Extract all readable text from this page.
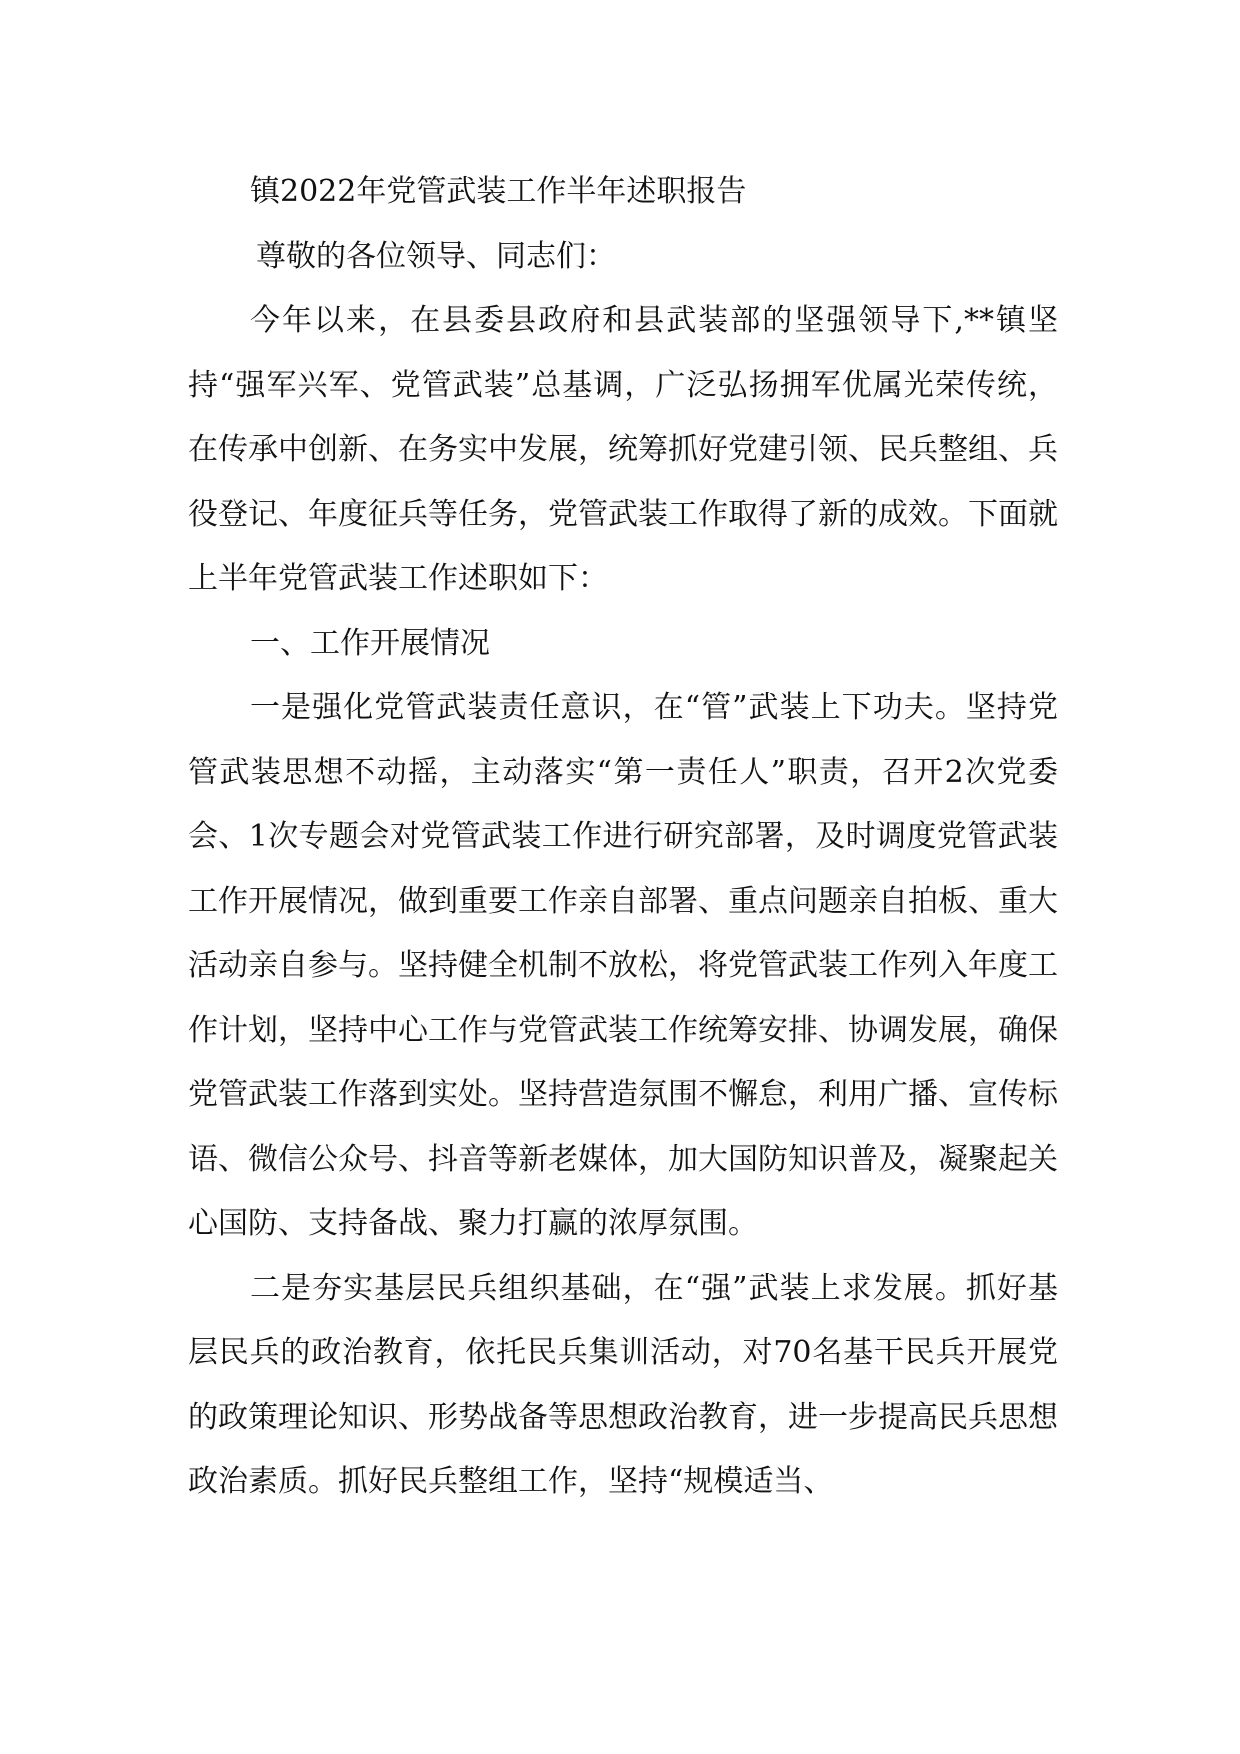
镇2022年党管武装工作半年述职报告

尊敬的各位领导、同志们：

今年以来，在县委县政府和县武装部的坚强领导下,**镇坚持“强军兴军、党管武装”总基调，广泛弘扬拥军优属光荣传统，在传承中创新、在务实中发展，统筹抓好党建引领、民兵整组、兵役登记、年度征兵等任务，党管武装工作取得了新的成效。下面就上半年党管武装工作述职如下：

一、工作开展情况

一是强化党管武装责任意识，在“管”武装上下功夫。坚持党管武装思想不动摇，主动落实“第一责任人”职责，召开2次党委会、1次专题会对党管武装工作进行研究部署，及时调度党管武装工作开展情况，做到重要工作亲自部署、重点问题亲自拍板、重大活动亲自参与。坚持健全机制不放松，将党管武装工作列入年度工作计划，坚持中心工作与党管武装工作统筹安排、协调发展，确保党管武装工作落到实处。坚持营造氛围不懈怠，利用广播、宣传标语、微信公众号、抖音等新老媒体，加大国防知识普及，凝聚起关心国防、支持备战、聚力打赢的浓厚氛围。

二是夯实基层民兵组织基础，在“强”武装上求发展。抓好基层民兵的政治教育，依托民兵集训活动，对70名基干民兵开展党的政策理论知识、形势战备等思想政治教育，进一步提高民兵思想政治素质。抓好民兵整组工作，坚持“规模适当、
